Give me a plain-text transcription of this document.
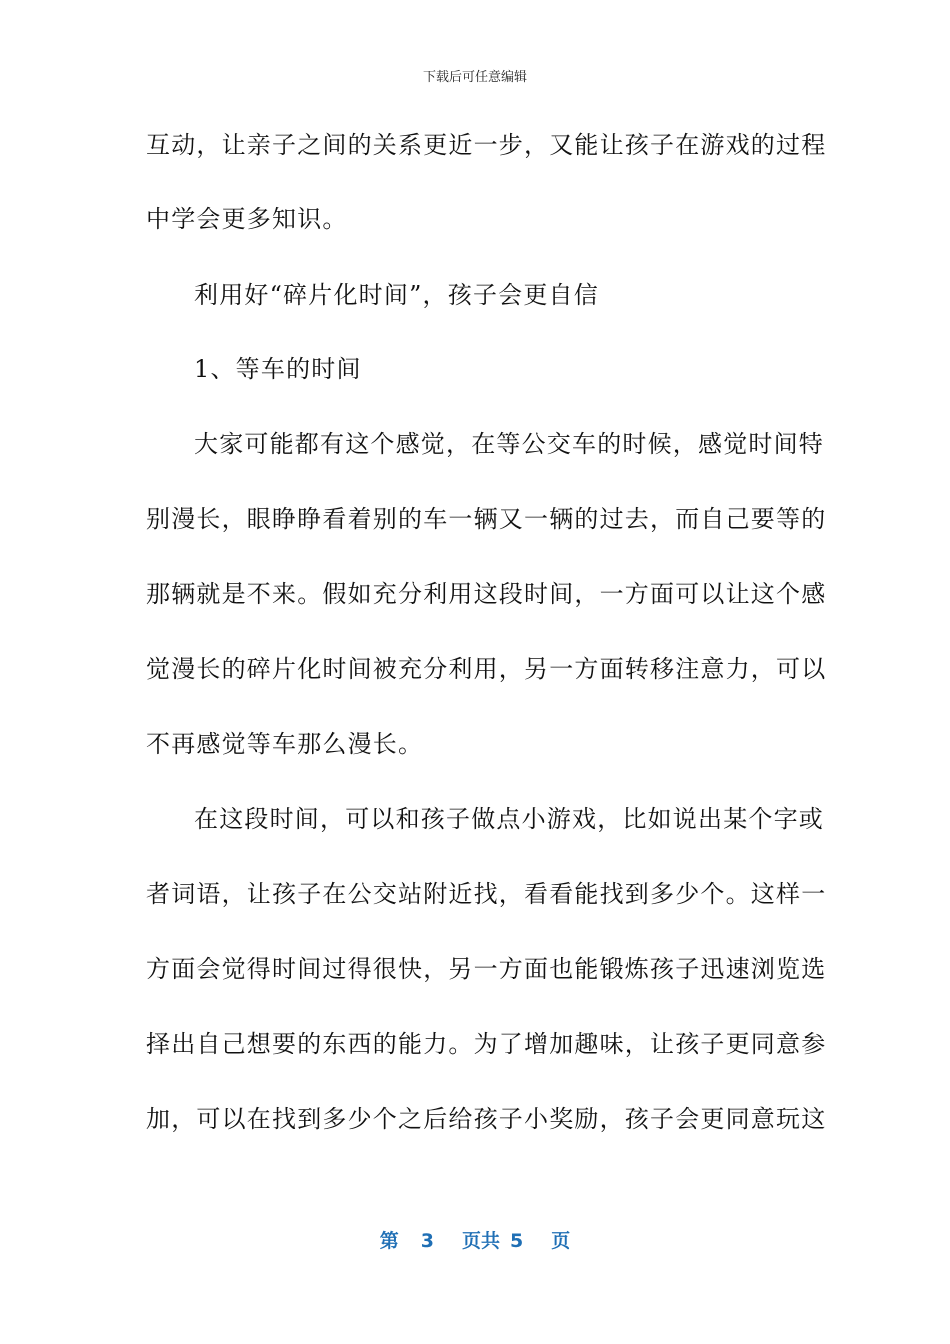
下载后可任意编辑
互动，让亲子之间的关系更近一步，又能让孩子在游戏的过程
中学会更多知识。
利用好“碎片化时间”，孩子会更自信
1、等车的时间
大家可能都有这个感觉，在等公交车的时候，感觉时间特
别漫长，眼睁睁看着别的车一辆又一辆的过去，而自己要等的
那辆就是不来。假如充分利用这段时间，一方面可以让这个感
觉漫长的碎片化时间被充分利用，另一方面转移注意力，可以
不再感觉等车那么漫长。
在这段时间，可以和孩子做点小游戏，比如说出某个字或
者词语，让孩子在公交站附近找，看看能找到多少个。这样一
方面会觉得时间过得很快，另一方面也能锻炼孩子迅速浏览选
择出自己想要的东西的能力。为了增加趣味，让孩子更同意参
加，可以在找到多少个之后给孩子小奖励，孩子会更同意玩这
第 3 页共 5 页
